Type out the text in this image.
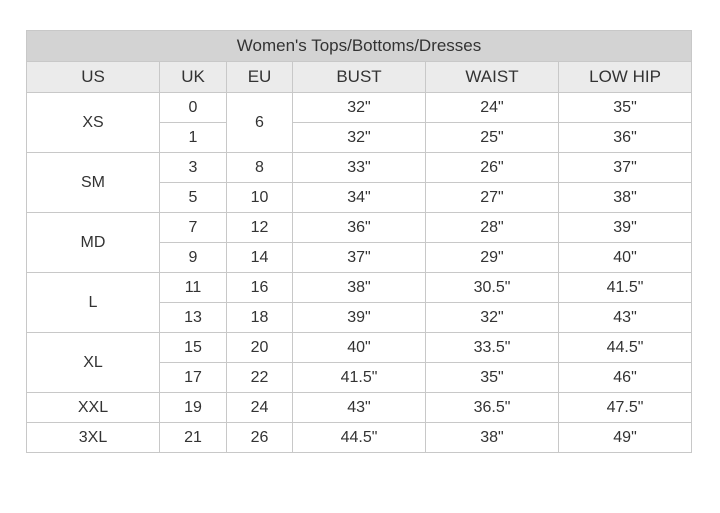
Women's Tops/Bottoms/Dresses					
US	UK	EU	BUST	WAIST	LOW HIP
XS	0	6	32"	24"	35"
	1		32"	25"	36"
SM	3	8	33"	26"	37"
	5	10	34"	27"	38"
MD	7	12	36"	28"	39"
	9	14	37"	29"	40"
L	11	16	38"	30.5"	41.5"
	13	18	39"	32"	43"
XL	15	20	40"	33.5"	44.5"
	17	22	41.5"	35"	46"
XXL	19	24	43"	36.5"	47.5"
3XL	21	26	44.5"	38"	49"
